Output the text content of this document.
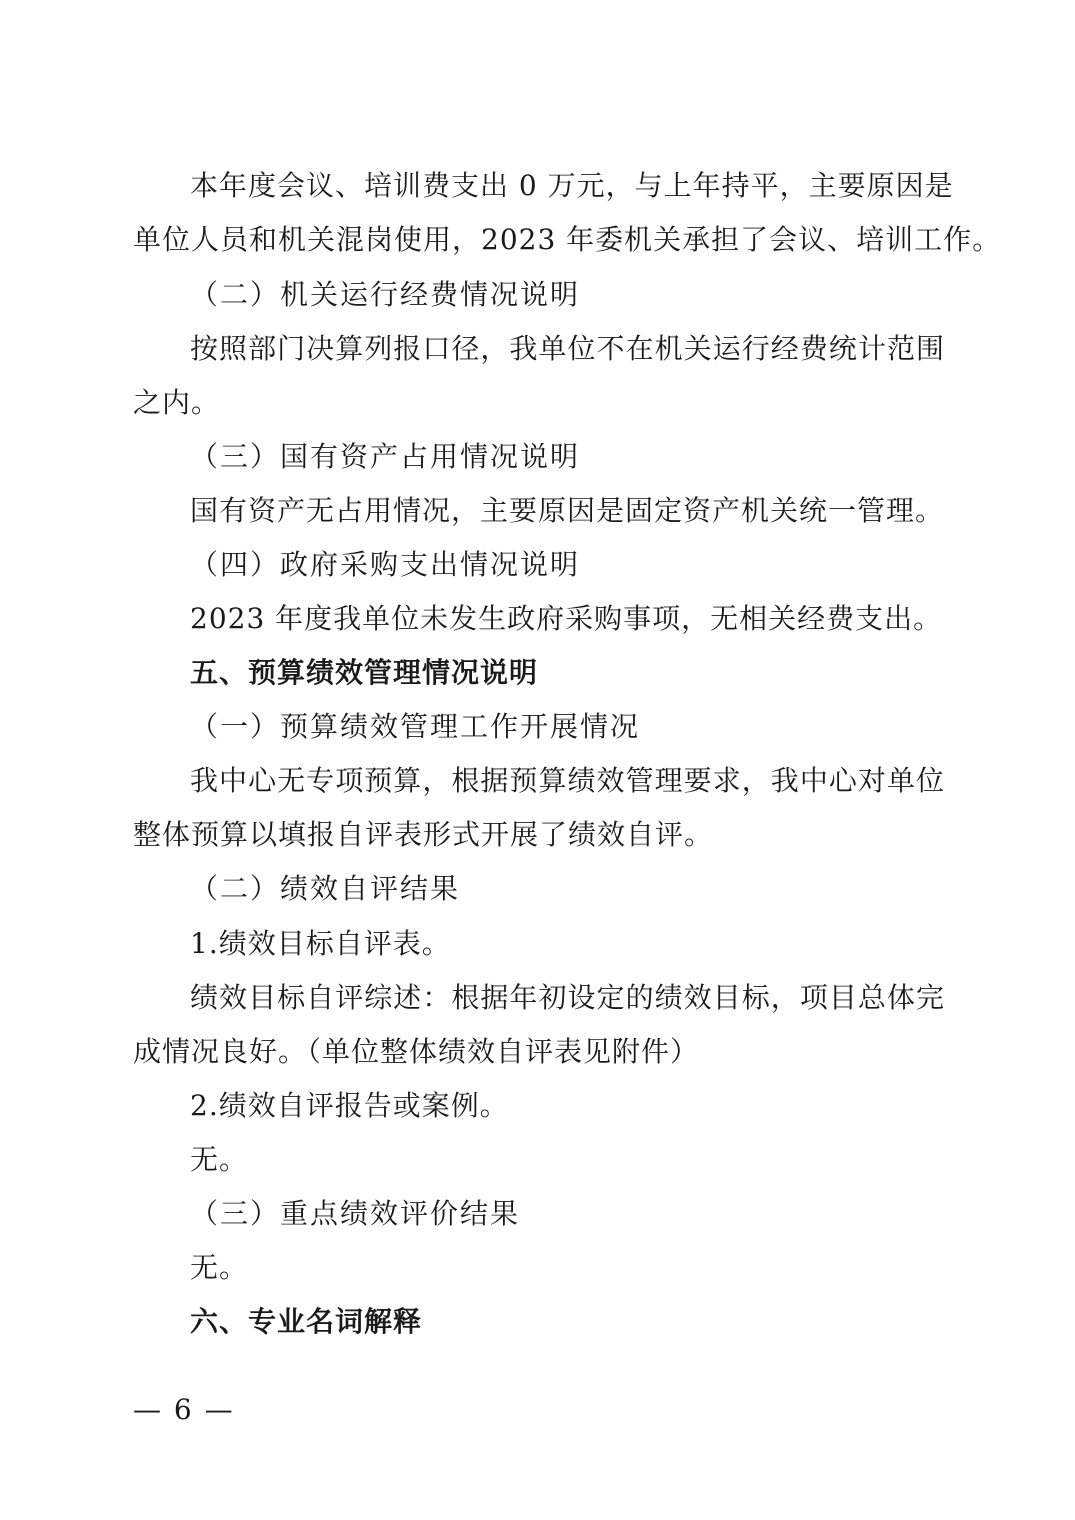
本年度会议、培训费支出 0 万元，与上年持平，主要原因是
单位人员和机关混岗使用，2023 年委机关承担了会议、培训工作。
（二）机关运行经费情况说明
按照部门决算列报口径，我单位不在机关运行经费统计范围
之内。
（三）国有资产占用情况说明
国有资产无占用情况，主要原因是固定资产机关统一管理。
（四）政府采购支出情况说明
2023 年度我单位未发生政府采购事项，无相关经费支出。
五、预算绩效管理情况说明
（一）预算绩效管理工作开展情况
我中心无专项预算，根据预算绩效管理要求，我中心对单位
整体预算以填报自评表形式开展了绩效自评。
（二）绩效自评结果
1.绩效目标自评表。
绩效目标自评综述：根据年初设定的绩效目标，项目总体完
成情况良好。（单位整体绩效自评表见附件）
2.绩效自评报告或案例。
无。
（三）重点绩效评价结果
无。
六、专业名词解释
— 6 —
